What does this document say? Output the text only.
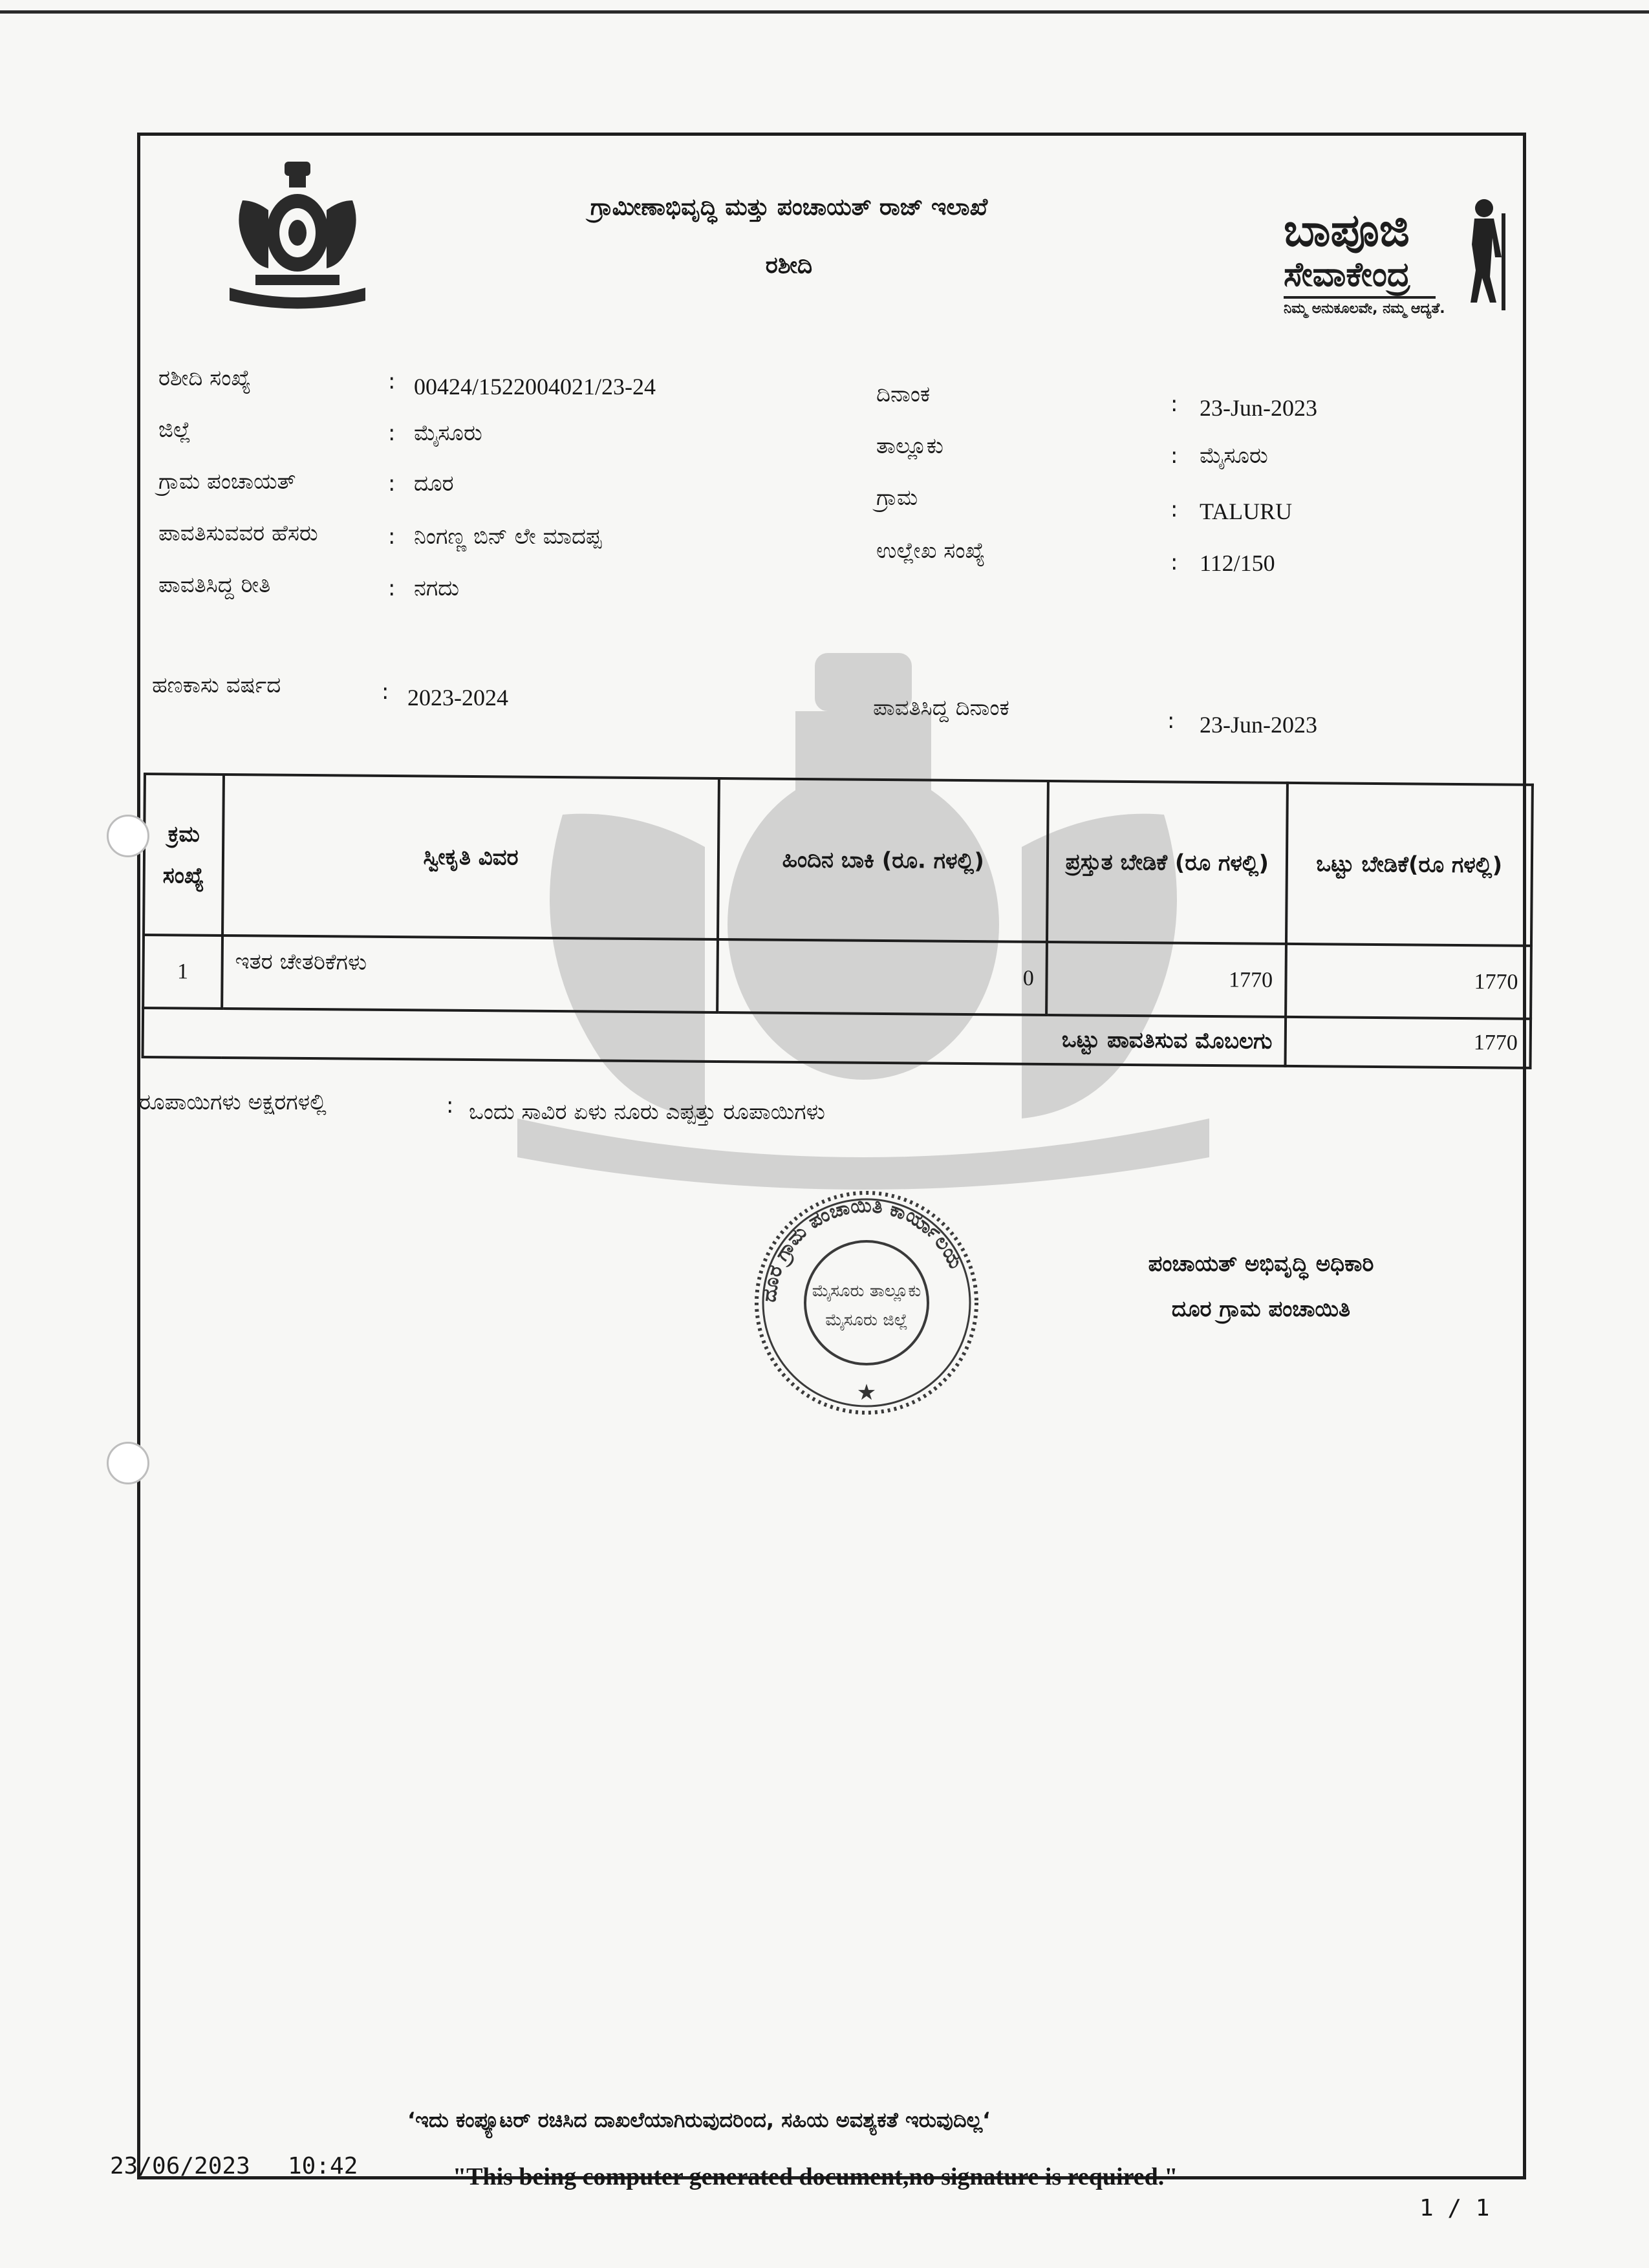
ಗ್ರಾಮೀಣಾಭಿವೃದ್ಧಿ ಮತ್ತು ಪಂಚಾಯತ್ ರಾಜ್ ಇಲಾಖೆ
ರಶೀದಿ
ಬಾಪೂಜಿ
ಸೇವಾಕೇಂದ್ರ
ನಿಮ್ಮ ಅನುಕೂಲವೇ, ನಮ್ಮ ಆದ್ಯತೆ.
ರಶೀದಿ ಸಂಖ್ಯೆ	: 00424/1522004021/23-24
ಜಿಲ್ಲೆ	: ಮೈಸೂರು
ಗ್ರಾಮ ಪಂಚಾಯತ್	: ದೂರ
ಪಾವತಿಸುವವರ ಹೆಸರು	: ನಿಂಗಣ್ಣ ಬಿನ್ ಲೇ ಮಾದಪ್ಪ
ಪಾವತಿಸಿದ್ದ ರೀತಿ	: ನಗದು
ದಿನಾಂಕ	: 23-Jun-2023
ತಾಲ್ಲೂಕು	: ಮೈಸೂರು
ಗ್ರಾಮ	: TALURU
ಉಲ್ಲೇಖ ಸಂಖ್ಯೆ	: 112/150
ಹಣಕಾಸು ವರ್ಷದ	: 2023-2024	ಪಾವತಿಸಿದ್ದ ದಿನಾಂಕ	: 23-Jun-2023
ಕ್ರಮ ಸಂಖ್ಯೆ	ಸ್ವೀಕೃತಿ ವಿವರ	ಹಿಂದಿನ ಬಾಕಿ (ರೂ. ಗಳಲ್ಲಿ)	ಪ್ರಸ್ತುತ ಬೇಡಿಕೆ (ರೂ ಗಳಲ್ಲಿ)	ಒಟ್ಟು ಬೇಡಿಕೆ(ರೂ ಗಳಲ್ಲಿ)
1	ಇತರ ಚೇತರಿಕೆಗಳು	0	1770	1770
ಒಟ್ಟು ಪಾವತಿಸುವ ಮೊಬಲಗು				1770
ರೂಪಾಯಿಗಳು ಅಕ್ಷರಗಳಲ್ಲಿ	: ಒಂದು ಸಾವಿರ ಏಳು ನೂರು ಎಪ್ಪತ್ತು ರೂಪಾಯಿಗಳು
ದೂರ ಗ್ರಾಮ ಪಂಚಾಯಿತಿ ಕಾರ್ಯಾಲಯ
ಮೈಸೂರು ತಾಲ್ಲೂಕು
ಮೈಸೂರು ಜಿಲ್ಲೆ
★
ಪಂಚಾಯತ್ ಅಭಿವೃದ್ಧಿ ಅಧಿಕಾರಿ
ದೂರ ಗ್ರಾಮ ಪಂಚಾಯಿತಿ
‘ಇದು ಕಂಪ್ಯೂಟರ್ ರಚಿಸಿದ ದಾಖಲೆಯಾಗಿರುವುದರಿಂದ, ಸಹಿಯ ಅವಶ್ಯಕತೆ ಇರುವುದಿಲ್ಲ‘
"This being computer generated document,no signature is required."
23/06/2023 10:42
1 / 1
